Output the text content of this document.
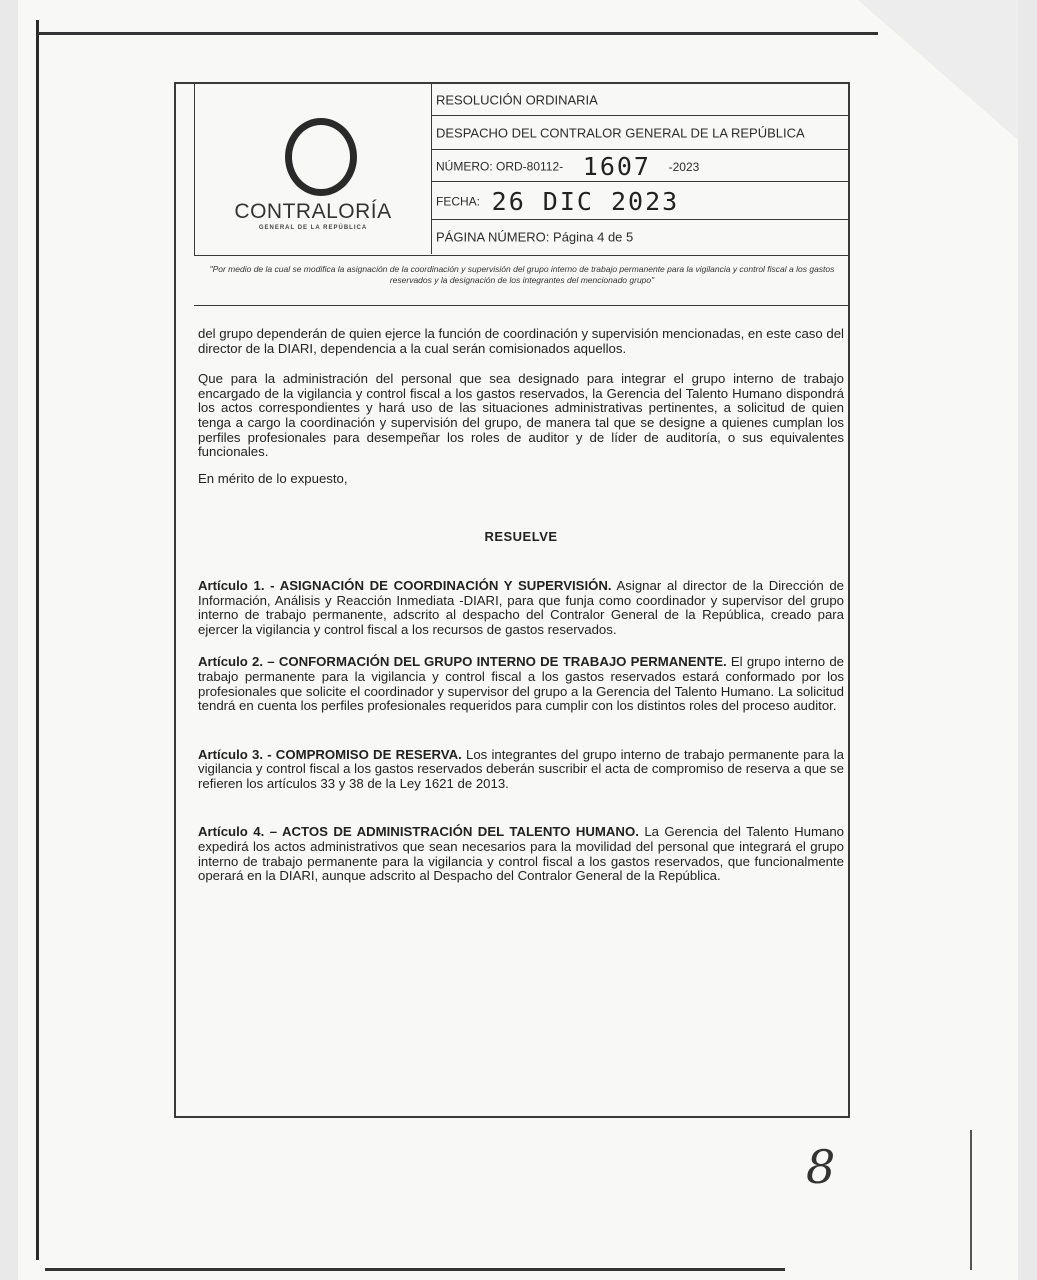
CONTRALORÍA
GENERAL DE LA REPÚBLICA
RESOLUCIÓN ORDINARIA
DESPACHO DEL CONTRALOR GENERAL DE LA REPÚBLICA
NÚMERO: ORD-80112- 1607 -2023
FECHA: 26 DIC 2023
PÁGINA NÚMERO: Página 4 de 5
"Por medio de la cual se modifica la asignación de la coordinación y supervisión del grupo interno de trabajo permanente para la vigilancia y control fiscal a los gastos reservados y la designación de los integrantes del mencionado grupo"

del grupo dependerán de quien ejerce la función de coordinación y supervisión mencionadas, en este caso del director de la DIARI, dependencia a la cual serán comisionados aquellos.

Que para la administración del personal que sea designado para integrar el grupo interno de trabajo encargado de la vigilancia y control fiscal a los gastos reservados, la Gerencia del Talento Humano dispondrá los actos correspondientes y hará uso de las situaciones administrativas pertinentes, a solicitud de quien tenga a cargo la coordinación y supervisión del grupo, de manera tal que se designe a quienes cumplan los perfiles profesionales para desempeñar los roles de auditor y de líder de auditoría, o sus equivalentes funcionales.

En mérito de lo expuesto,

RESUELVE

Artículo 1. - ASIGNACIÓN DE COORDINACIÓN Y SUPERVISIÓN. Asignar al director de la Dirección de Información, Análisis y Reacción Inmediata -DIARI, para que funja como coordinador y supervisor del grupo interno de trabajo permanente, adscrito al despacho del Contralor General de la República, creado para ejercer la vigilancia y control fiscal a los recursos de gastos reservados.

Artículo 2. – CONFORMACIÓN DEL GRUPO INTERNO DE TRABAJO PERMANENTE. El grupo interno de trabajo permanente para la vigilancia y control fiscal a los gastos reservados estará conformado por los profesionales que solicite el coordinador y supervisor del grupo a la Gerencia del Talento Humano. La solicitud tendrá en cuenta los perfiles profesionales requeridos para cumplir con los distintos roles del proceso auditor.

Artículo 3. - COMPROMISO DE RESERVA. Los integrantes del grupo interno de trabajo permanente para la vigilancia y control fiscal a los gastos reservados deberán suscribir el acta de compromiso de reserva a que se refieren los artículos 33 y 38 de la Ley 1621 de 2013.

Artículo 4. – ACTOS DE ADMINISTRACIÓN DEL TALENTO HUMANO. La Gerencia del Talento Humano expedirá los actos administrativos que sean necesarios para la movilidad del personal que integrará el grupo interno de trabajo permanente para la vigilancia y control fiscal a los gastos reservados, que funcionalmente operará en la DIARI, aunque adscrito al Despacho del Contralor General de la República.

8
